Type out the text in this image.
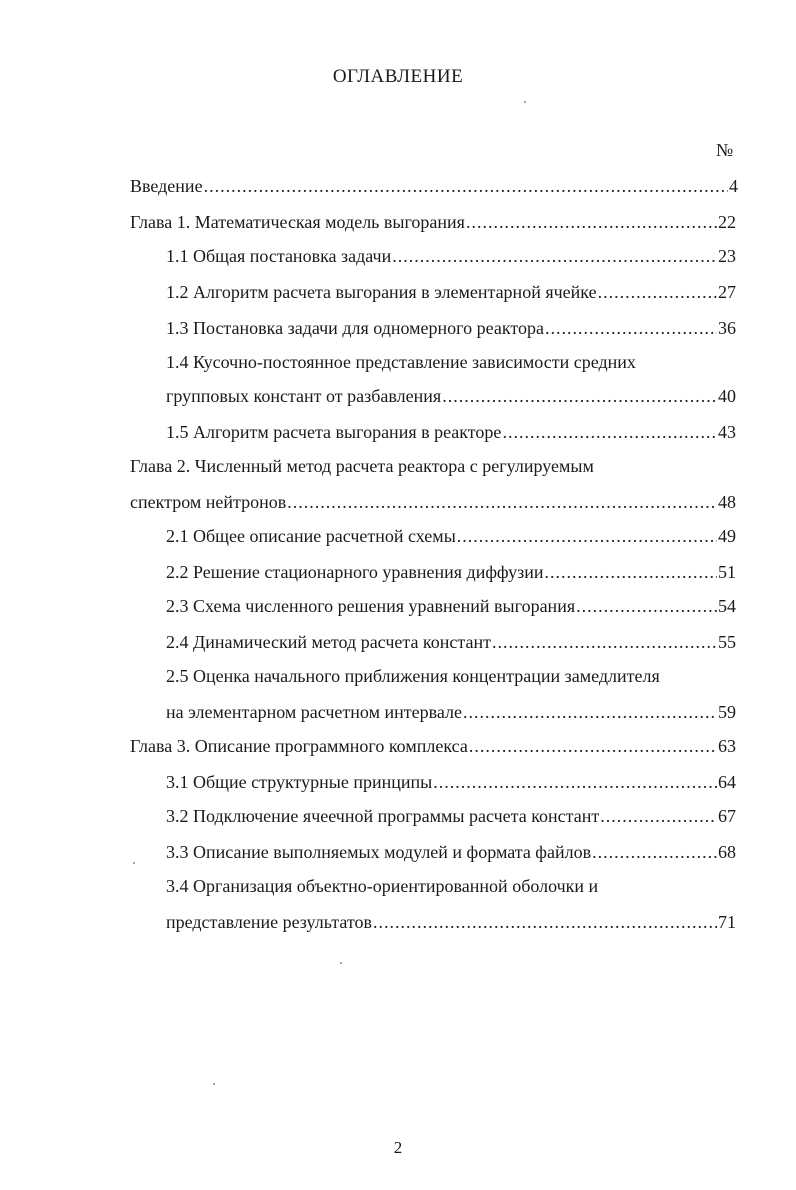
ОГЛАВЛЕНИЕ
№
Введение .....	4
Глава 1. Математическая модель выгорания .....	22
1.1 Общая постановка задачи .....	23
1.2 Алгоритм расчета выгорания в элементарной ячейке .....	27
1.3 Постановка задачи для одномерного реактора .....	36
1.4 Кусочно-постоянное представление зависимости средних
групповых констант от разбавления .....	40
1.5 Алгоритм расчета выгорания в реакторе .....	43
Глава 2. Численный метод расчета реактора с регулируемым
спектром нейтронов .....	48
2.1 Общее описание расчетной схемы .....	49
2.2 Решение стационарного уравнения диффузии .....	51
2.3 Схема численного решения уравнений выгорания .....	54
2.4 Динамический метод расчета констант .....	55
2.5 Оценка начального приближения концентрации замедлителя
на элементарном расчетном интервале .....	59
Глава 3. Описание программного комплекса .....	63
3.1 Общие структурные принципы .....	64
3.2 Подключение ячеечной программы расчета констант .....	67
3.3 Описание выполняемых модулей и формата файлов .....	68
3.4 Организация объектно-ориентированной оболочки и
представление результатов .....	71
2
